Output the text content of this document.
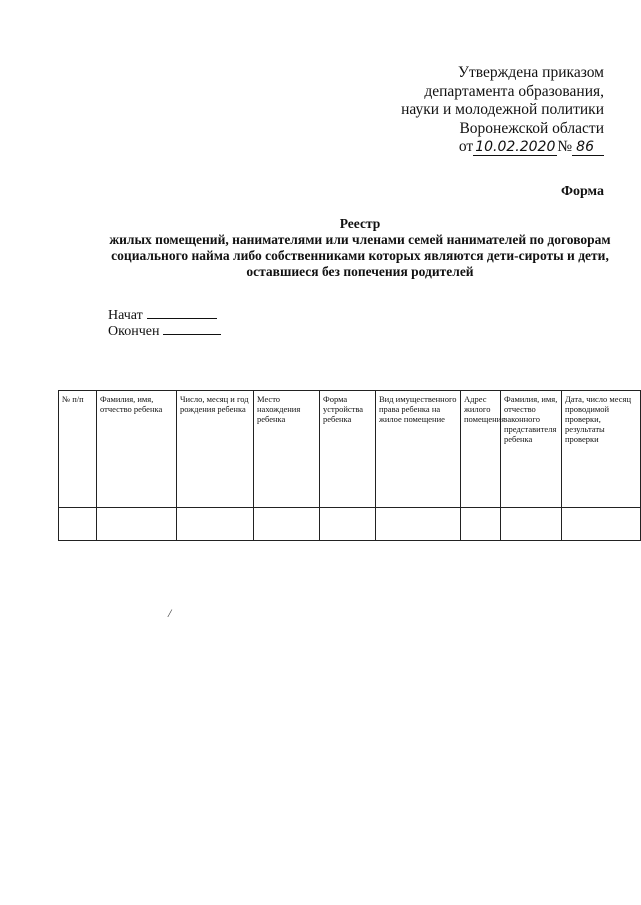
Утверждена приказом
департамента образования,
науки и молодежной политики
Воронежской области
от 10.02.2020 № 86
Форма
Реестр
жилых помещений, нанимателями или членами семей нанимателей по договорам
социального найма либо собственниками которых являются дети-сироты и дети,
оставшиеся без попечения родителей
Начат
Окончен
№ п/п	Фамилия, имя, отчество ребенка	Число, месяц и год рождения ребенка	Место нахождения ребенка	Форма устройства ребенка	Вид имущественного права ребенка на жилое помещение	Адрес жилого помещения	Фамилия, имя, отчество законного представителя ребенка	Дата, число месяц проводимой проверки, результаты проверки

/
